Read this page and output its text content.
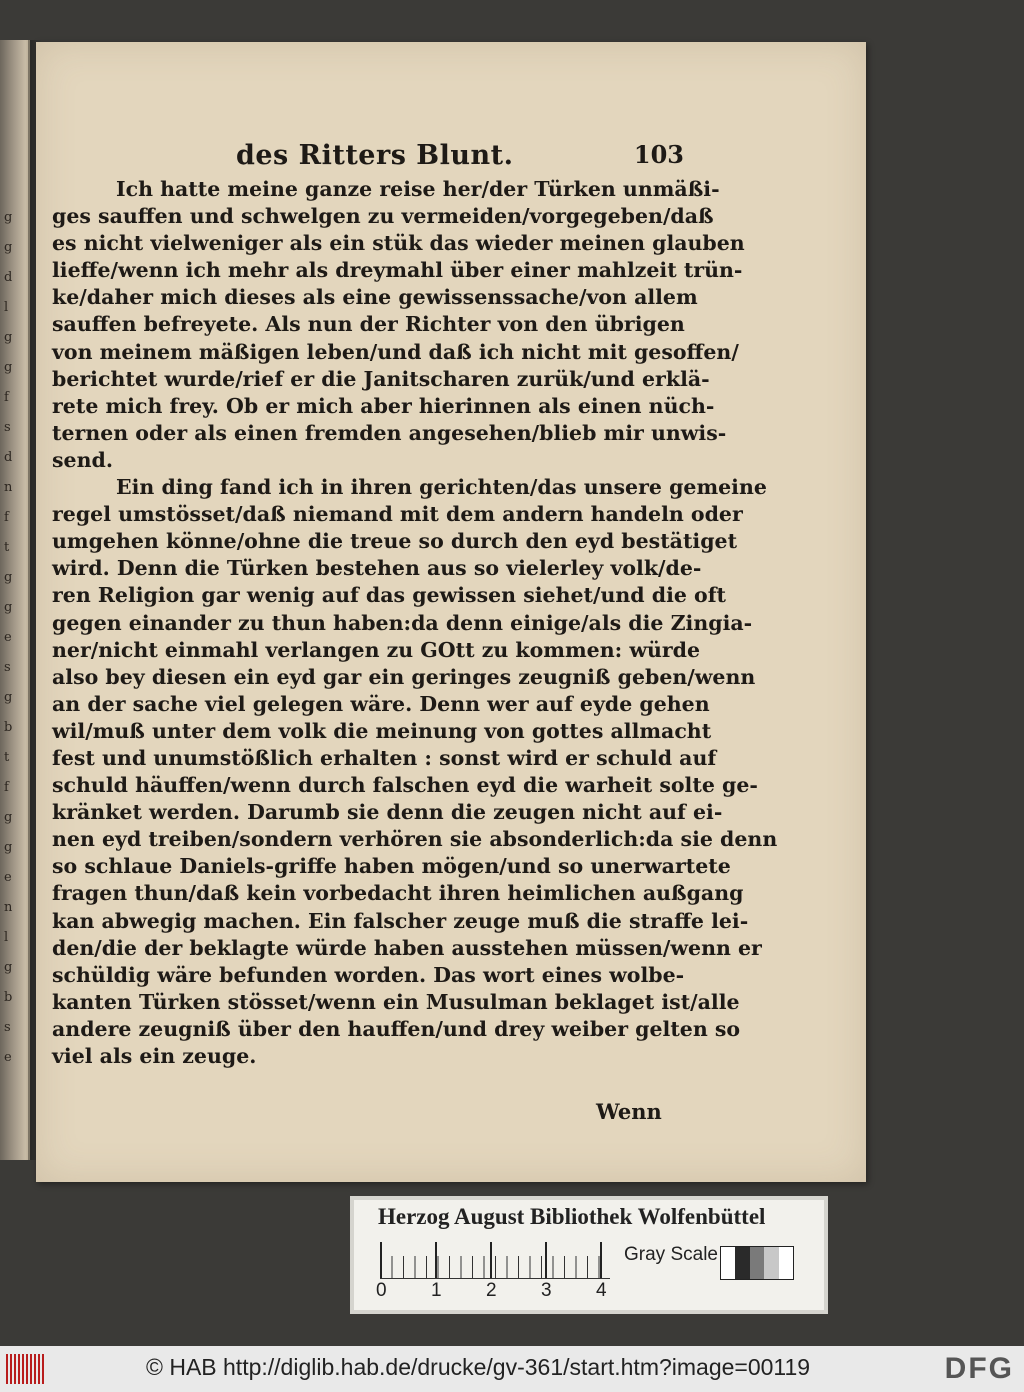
g
g
d
l
g
g
f
s
d
n
f
t
g
g
e
s
g
b
t
f
g
g
e
n
l
g
b
s
e
des Ritters Blunt.	103
Ich hatte meine ganze reise her/der Türken unmäßi-
ges sauffen und schwelgen zu vermeiden/vorgegeben/daß
es nicht vielweniger als ein stük das wieder meinen glauben
lieffe/wenn ich mehr als dreymahl über einer mahlzeit trün-
ke/daher mich dieses als eine gewissenssache/von allem
sauffen befreyete. Als nun der Richter von den übrigen
von meinem mäßigen leben/und daß ich nicht mit gesoffen/
berichtet wurde/rief er die Janitscharen zurük/und erklä-
rete mich frey. Ob er mich aber hierinnen als einen nüch-
ternen oder als einen fremden angesehen/blieb mir unwis-
send.
Ein ding fand ich in ihren gerichten/das unsere gemeine
regel umstösset/daß niemand mit dem andern handeln oder
umgehen könne/ohne die treue so durch den eyd bestätiget
wird. Denn die Türken bestehen aus so vielerley volk/de-
ren Religion gar wenig auf das gewissen siehet/und die oft
gegen einander zu thun haben:da denn einige/als die Zingia-
ner/nicht einmahl verlangen zu GOtt zu kommen: würde
also bey diesen ein eyd gar ein geringes zeugniß geben/wenn
an der sache viel gelegen wäre. Denn wer auf eyde gehen
wil/muß unter dem volk die meinung von gottes allmacht
fest und unumstößlich erhalten : sonst wird er schuld auf
schuld häuffen/wenn durch falschen eyd die warheit solte ge-
kränket werden. Darumb sie denn die zeugen nicht auf ei-
nen eyd treiben/sondern verhören sie absonderlich:da sie denn
so schlaue Daniels-griffe haben mögen/und so unerwartete
fragen thun/daß kein vorbedacht ihren heimlichen außgang
kan abwegig machen. Ein falscher zeuge muß die straffe lei-
den/die der beklagte würde haben ausstehen müssen/wenn er
schüldig wäre befunden worden. Das wort eines wolbe-
kanten Türken stösset/wenn ein Musulman beklaget ist/alle
andere zeugniß über den hauffen/und drey weiber gelten so
viel als ein zeuge.
Wenn
Herzog August Bibliothek Wolfenbüttel
0 1 2 3 4
Gray Scale
© HAB http://diglib.hab.de/drucke/gv-361/start.htm?image=00119	DFG
